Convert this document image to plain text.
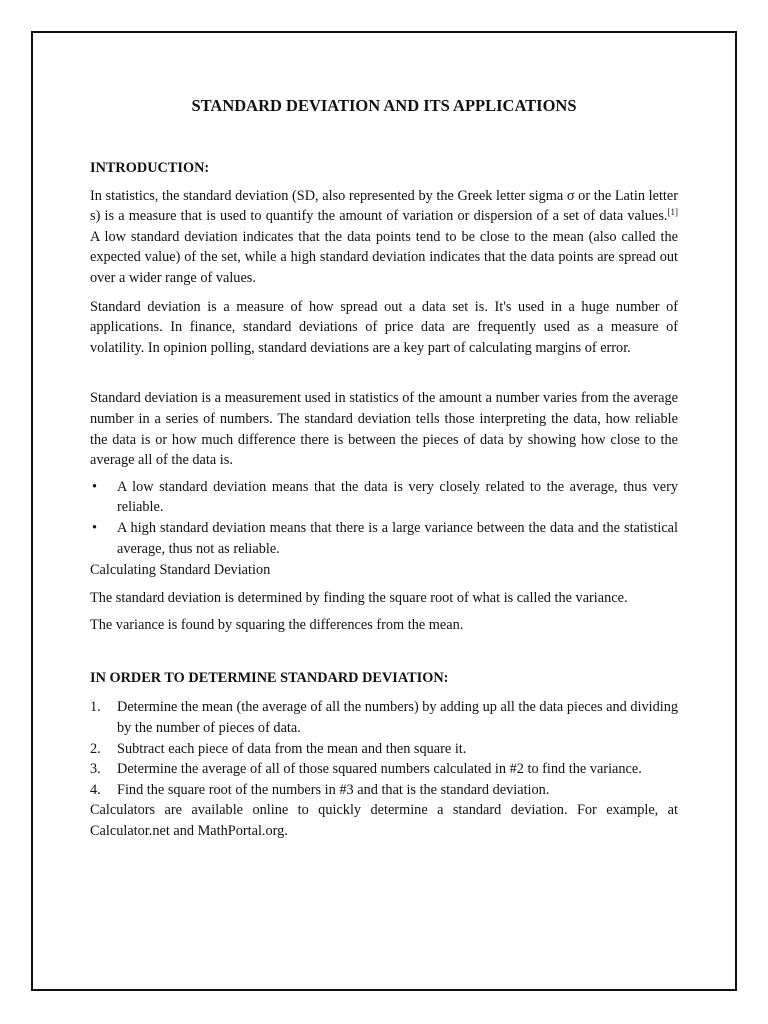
STANDARD DEVIATION AND ITS APPLICATIONS
INTRODUCTION:

In statistics, the standard deviation (SD, also represented by the Greek letter sigma σ or the Latin letter s) is a measure that is used to quantify the amount of variation or dispersion of a set of data values.[1] A low standard deviation indicates that the data points tend to be close to the mean (also called the expected value) of the set, while a high standard deviation indicates that the data points are spread out over a wider range of values.

Standard deviation is a measure of how spread out a data set is. It's used in a huge number of applications. In finance, standard deviations of price data are frequently used as a measure of volatility. In opinion polling, standard deviations are a key part of calculating margins of error.

Standard deviation is a measurement used in statistics of the amount a number varies from the average number in a series of numbers. The standard deviation tells those interpreting the data, how reliable the data is or how much difference there is between the pieces of data by showing how close to the average all of the data is.

• A low standard deviation means that the data is very closely related to the average, thus very reliable.
• A high standard deviation means that there is a large variance between the data and the statistical average, thus not as reliable.

Calculating Standard Deviation

The standard deviation is determined by finding the square root of what is called the variance.

The variance is found by squaring the differences from the mean.

IN ORDER TO DETERMINE STANDARD DEVIATION:
1. Determine the mean (the average of all the numbers) by adding up all the data pieces and dividing by the number of pieces of data.
2. Subtract each piece of data from the mean and then square it.
3. Determine the average of all of those squared numbers calculated in #2 to find the variance.
4. Find the square root of the numbers in #3 and that is the standard deviation.

Calculators are available online to quickly determine a standard deviation. For example, at Calculator.net and MathPortal.org.
